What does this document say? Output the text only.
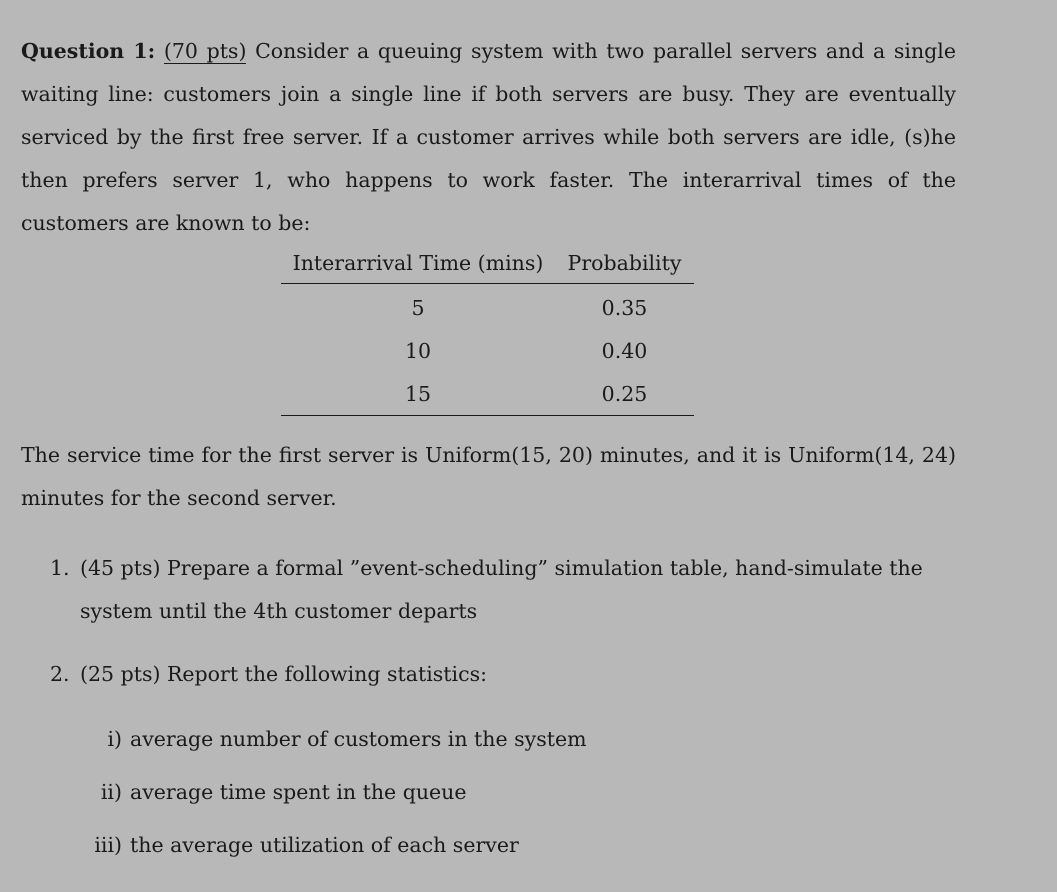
Question 1: (70 pts) Consider a queuing system with two parallel servers and a single waiting line: customers join a single line if both servers are busy. They are eventually serviced by the first free server. If a customer arrives while both servers are idle, (s)he then prefers server 1, who happens to work faster. The interarrival times of the customers are known to be:

Interarrival Time (mins)	Probability
5	0.35
10	0.40
15	0.25

The service time for the first server is Uniform(15, 20) minutes, and it is Uniform(14, 24) minutes for the second server.

1. (45 pts) Prepare a formal ”event-scheduling” simulation table, hand-simulate the system until the 4th customer departs
2. (25 pts) Report the following statistics:
i) average number of customers in the system
ii) average time spent in the queue
iii) the average utilization of each server
